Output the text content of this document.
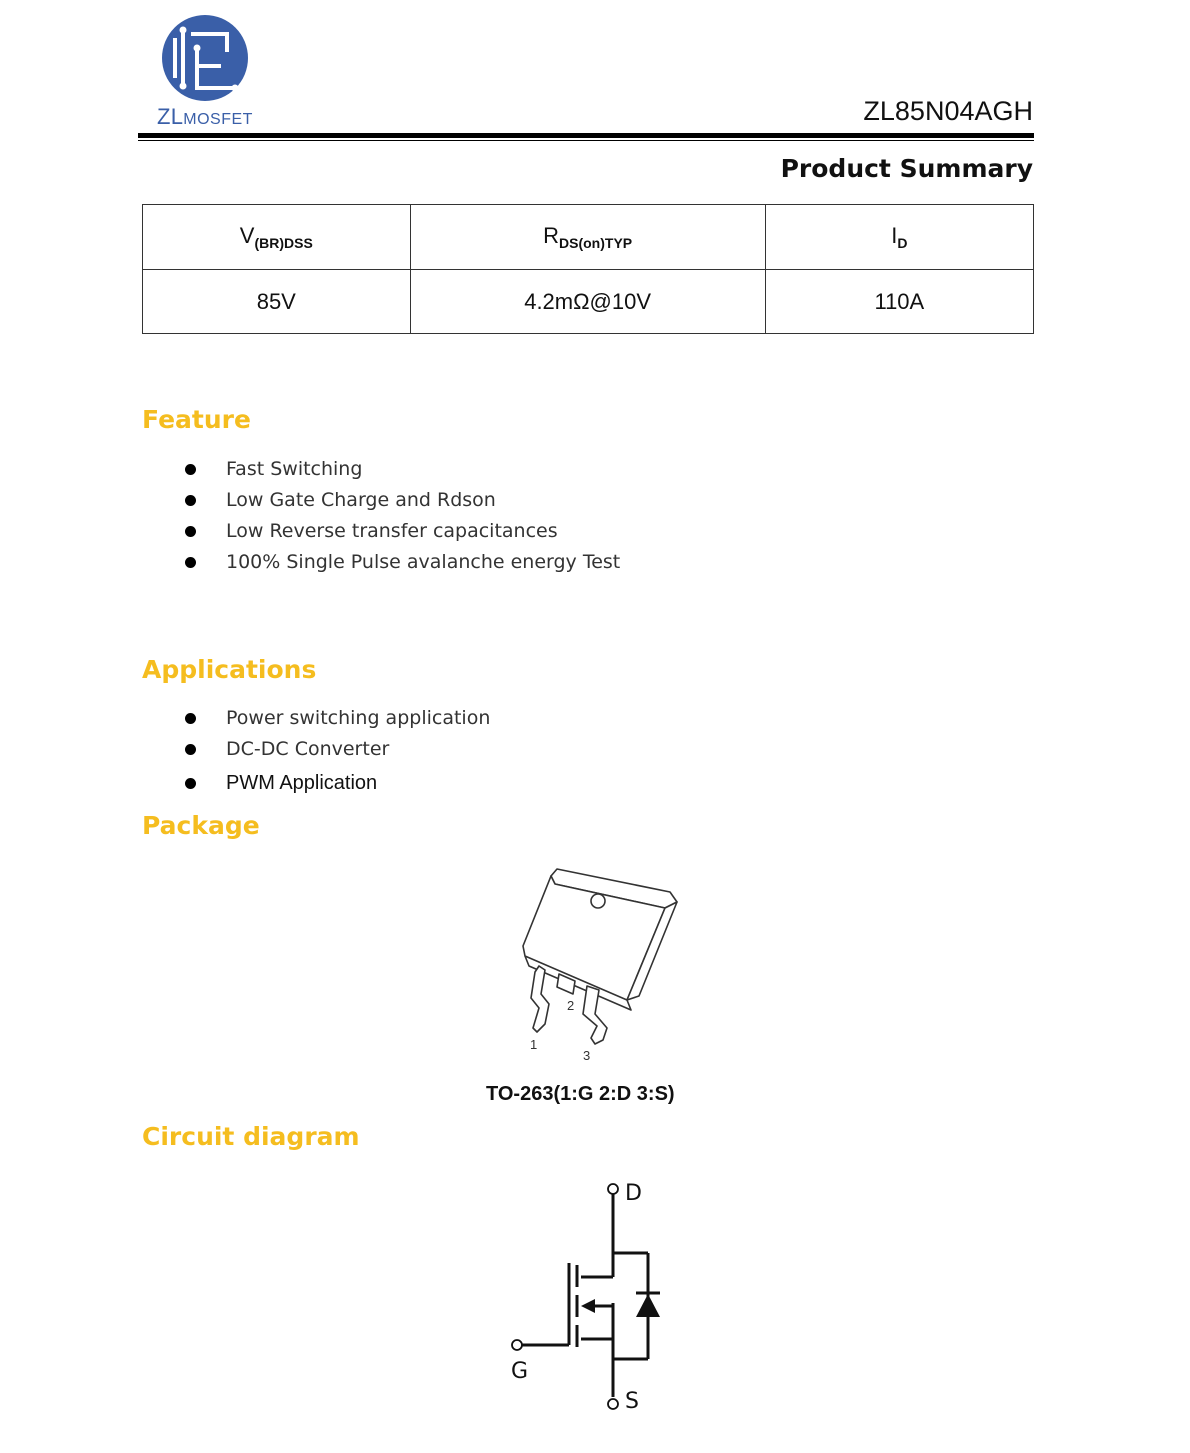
ZLMOSFET	ZL85N04AGH
Product Summary
$V_{(BR)DSS}$	$R_{DS(on)TYP}$	$I_D$
85V	4.2mΩ@10V	110A
Feature
Fast Switching
Low Gate Charge and Rdson
Low Reverse transfer capacitances
100% Single Pulse avalanche energy Test
Applications
Power switching application
DC-DC Converter
PWM Application
Package
1
2
3
TO-263(1:G 2:D 3:S)
Circuit diagram
D
G
S
